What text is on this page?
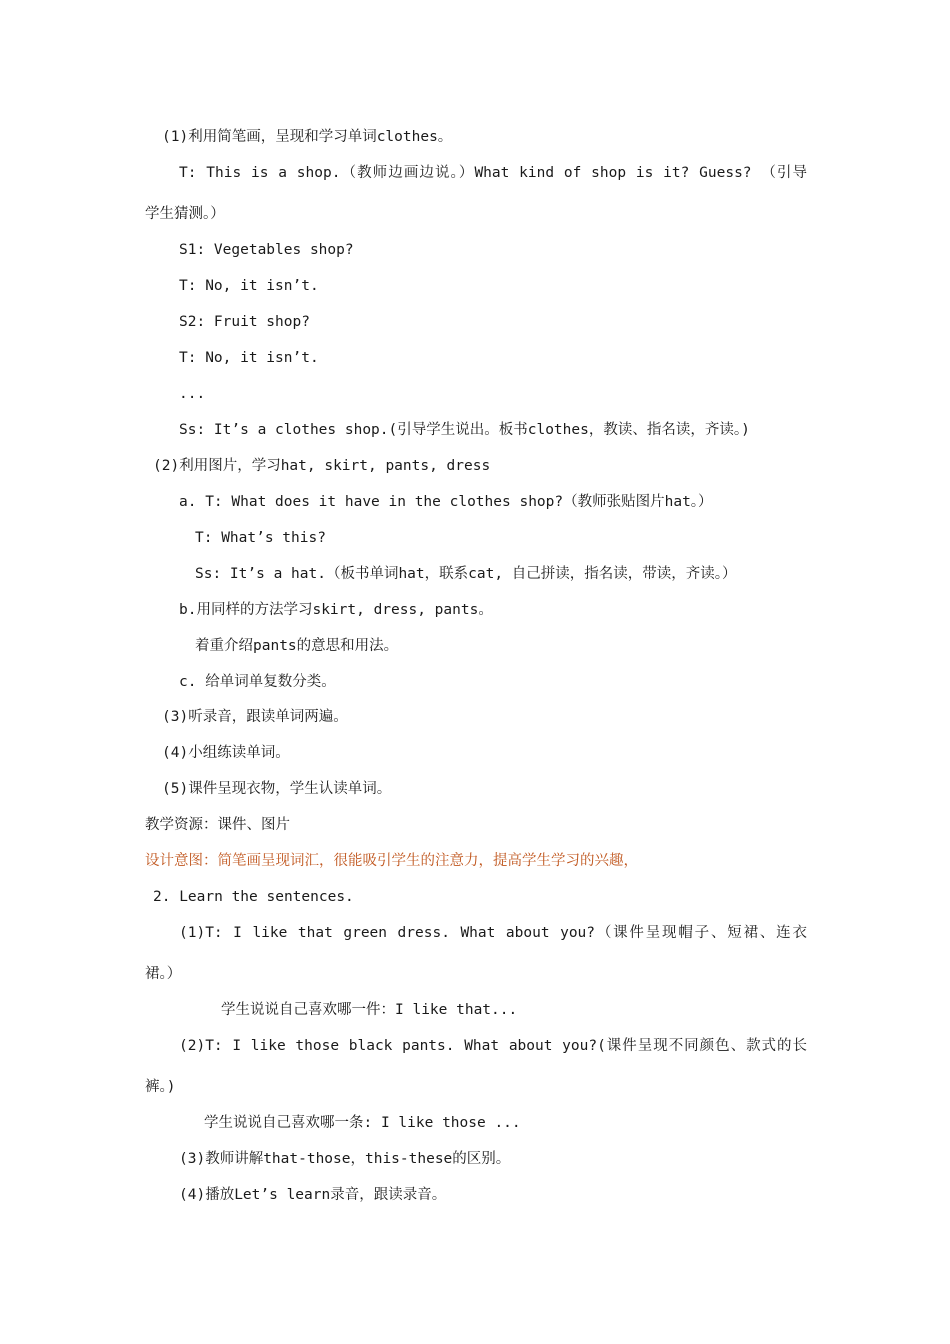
(1)利用简笔画，呈现和学习单词clothes。
T: This is a shop.（教师边画边说。）What kind of shop is it? Guess? （引导
学生猜测。）
S1: Vegetables shop?
T: No, it isn’t.
S2: Fruit shop?
T: No, it isn’t.
...
Ss: It’s a clothes shop.(引导学生说出。板书clothes，教读、指名读，齐读。)
(2)利用图片，学习hat, skirt, pants, dress
a. T: What does it have in the clothes shop?（教师张贴图片hat。）
T: What’s this?
Ss: It’s a hat.（板书单词hat，联系cat, 自己拼读，指名读，带读，齐读。）
b.用同样的方法学习skirt, dress, pants。
着重介绍pants的意思和用法。
c. 给单词单复数分类。
(3)听录音，跟读单词两遍。
(4)小组练读单词。
(5)课件呈现衣物，学生认读单词。
教学资源：课件、图片
设计意图：简笔画呈现词汇，很能吸引学生的注意力，提高学生学习的兴趣，
2. Learn the sentences.
(1)T: I like that green dress. What about you?（课件呈现帽子、短裙、连衣
裙。）
学生说说自己喜欢哪一件：I like that...
(2)T: I like those black pants. What about you?(课件呈现不同颜色、款式的长
裤。)
学生说说自己喜欢哪一条: I like those ...
(3)教师讲解that-those，this-these的区别。
(4)播放Let’s learn录音，跟读录音。
